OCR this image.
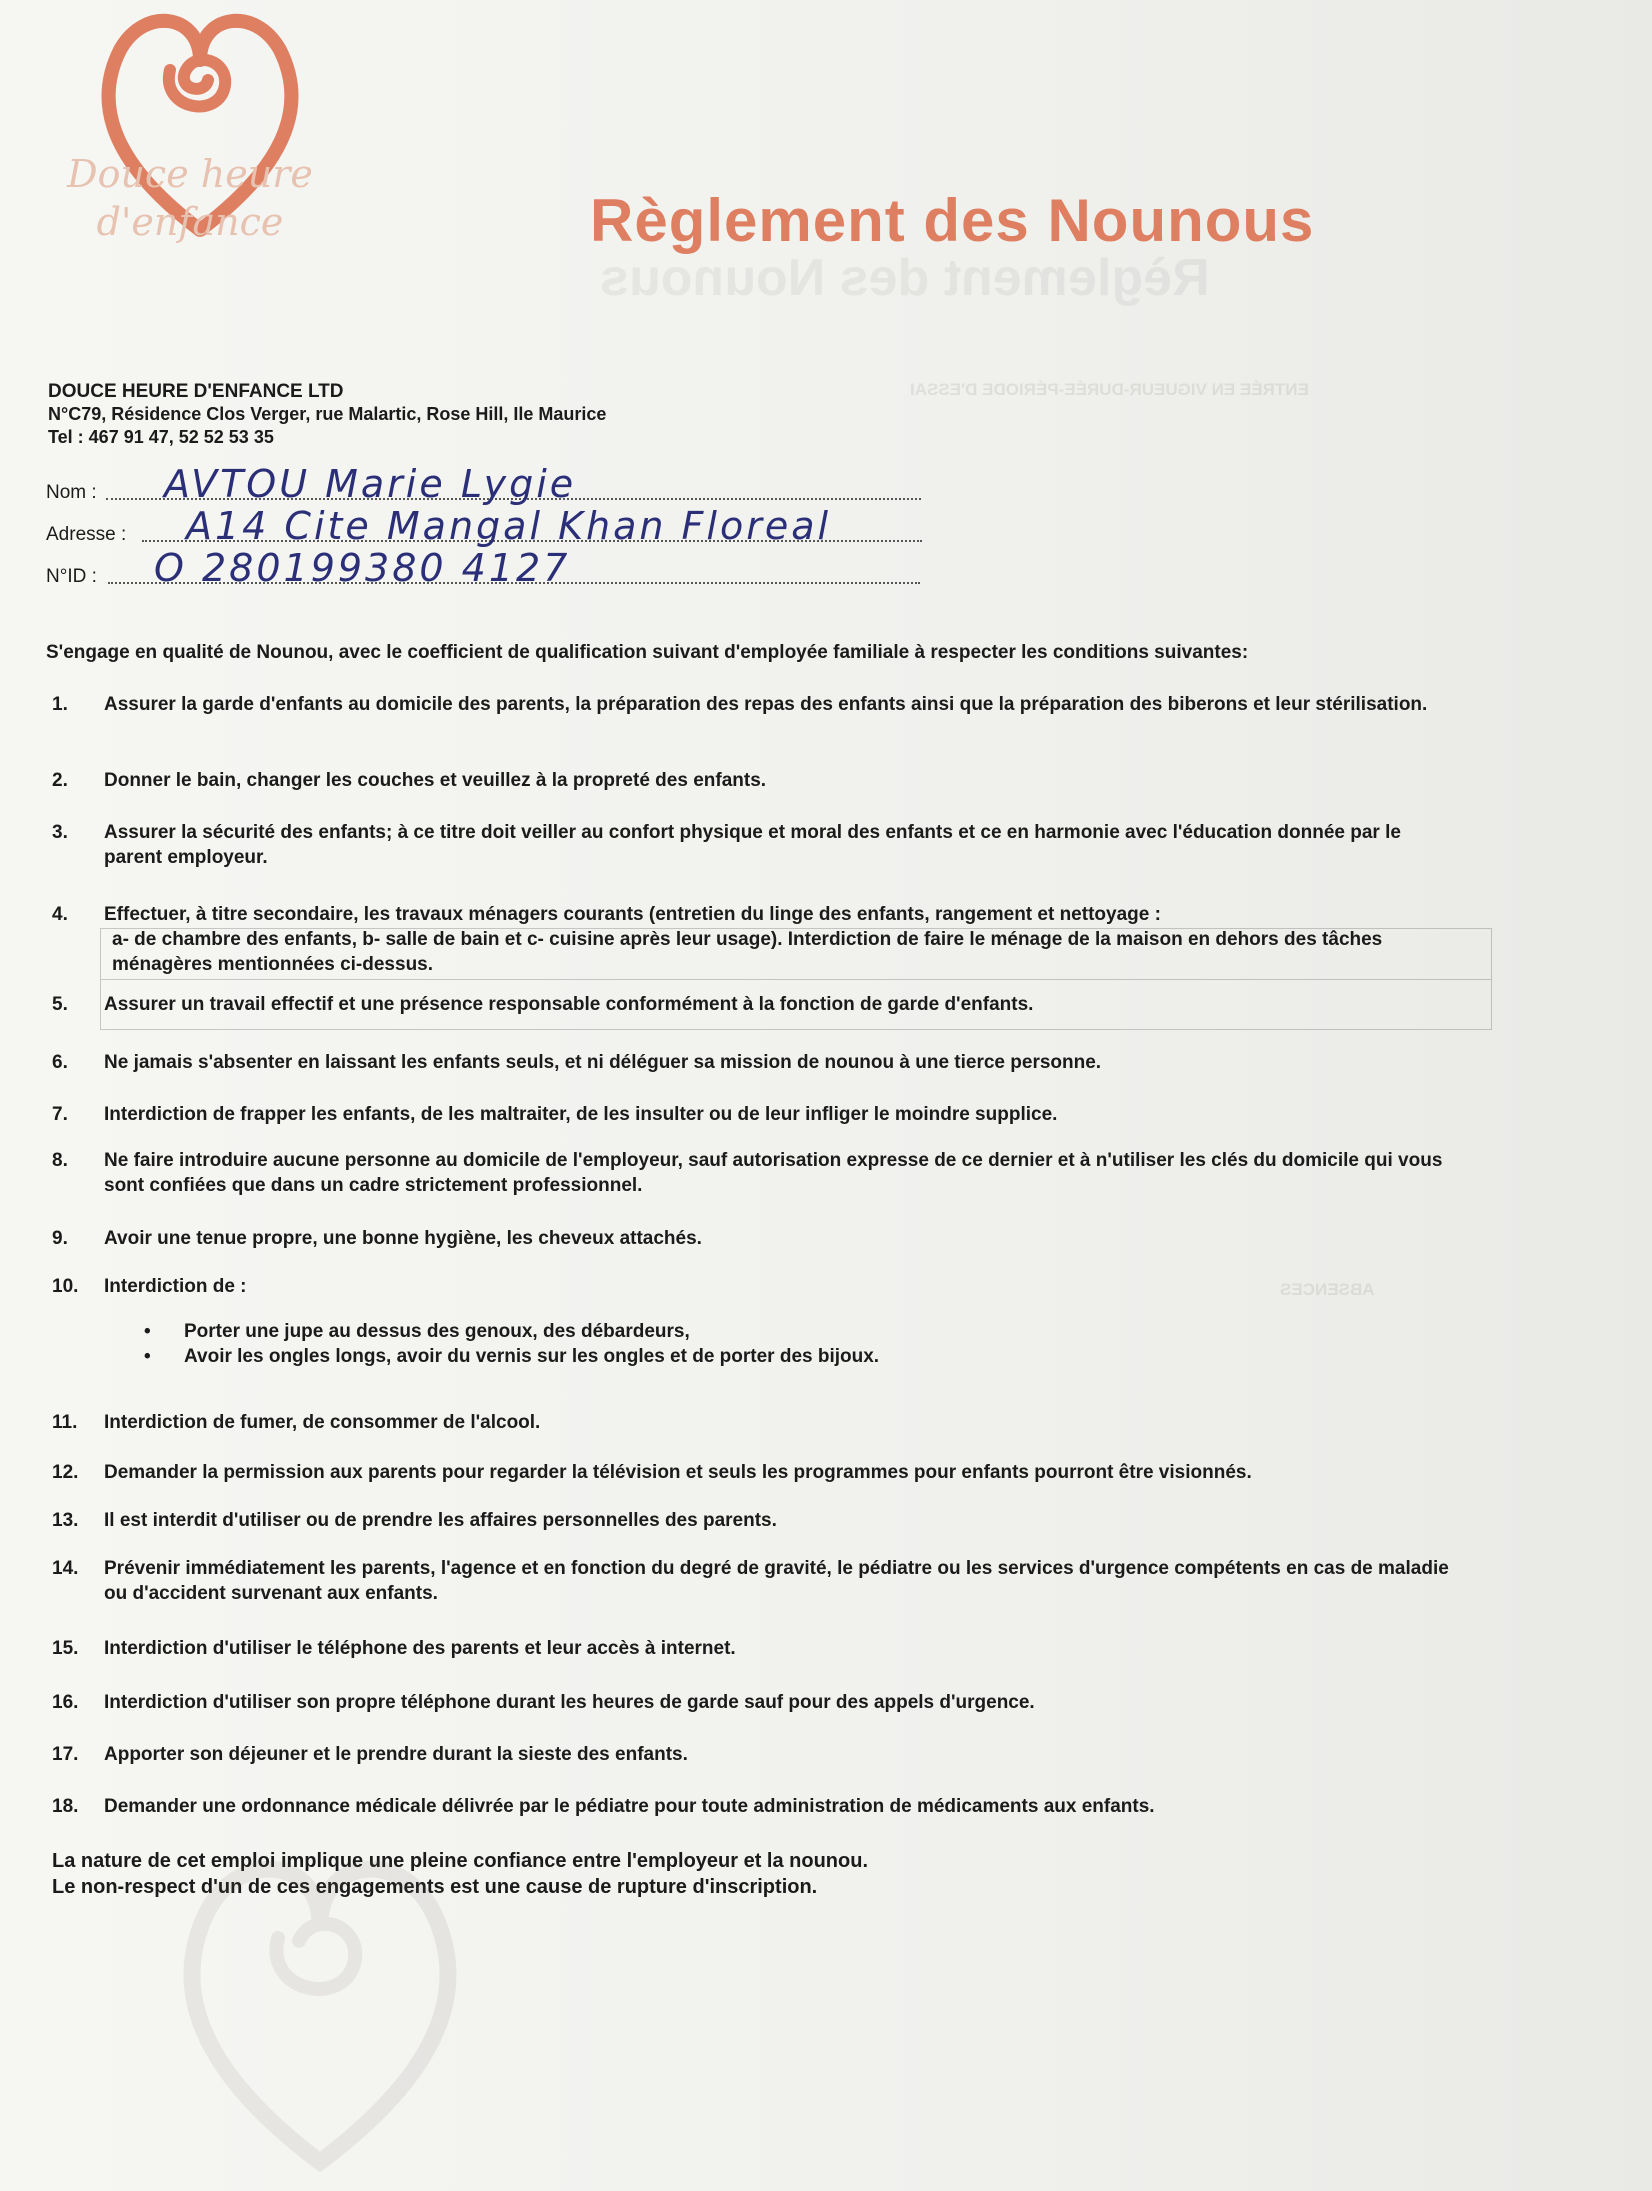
Douce heure
d'enfance	Règlement des Nounous
Règlement des Nounous
ENTRÉE EN VIGUEUR-DURÉE-PÉRIODE D'ESSAI
ABSENCES
DOUCE HEURE D'ENFANCE LTD
N°C79, Résidence Clos Verger, rue Malartic, Rose Hill, Ile Maurice
Tel : 467 91 47, 52 52 53 35
Nom : AVTOU Marie Lygie
Adresse : A14 Cite Mangal Khan Floreal
N°ID : O 280199380 4127
S'engage en qualité de Nounou, avec le coefficient de qualification suivant d'employée familiale à respecter les conditions suivantes:
1.	Assurer la garde d'enfants au domicile des parents, la préparation des repas des enfants ainsi que la préparation des biberons et leur stérilisation.
2.	Donner le bain, changer les couches et veuillez à la propreté des enfants.
3.	Assurer la sécurité des enfants; à ce titre doit veiller au confort physique et moral des enfants et ce en harmonie avec l'éducation donnée par le parent employeur.
4.	Effectuer, à titre secondaire, les travaux ménagers courants (entretien du linge des enfants, rangement et nettoyage :

a- de chambre des enfants, b- salle de bain et c- cuisine après leur usage). Interdiction de faire le ménage de la maison en dehors des tâches ménagères mentionnées ci-dessus.
5.	Assurer un travail effectif et une présence responsable conformément à la fonction de garde d'enfants.
6.	Ne jamais s'absenter en laissant les enfants seuls, et ni déléguer sa mission de nounou à une tierce personne.
7.	Interdiction de frapper les enfants, de les maltraiter, de les insulter ou de leur infliger le moindre supplice.
8.	Ne faire introduire aucune personne au domicile de l'employeur, sauf autorisation expresse de ce dernier et à n'utiliser les clés du domicile qui vous sont confiées que dans un cadre strictement professionnel.
9.	Avoir une tenue propre, une bonne hygiène, les cheveux attachés.
10.	Interdiction de :
• Porter une jupe au dessus des genoux, des débardeurs,
• Avoir les ongles longs, avoir du vernis sur les ongles et de porter des bijoux.
11.	Interdiction de fumer, de consommer de l'alcool.
12.	Demander la permission aux parents pour regarder la télévision et seuls les programmes pour enfants pourront être visionnés.
13.	Il est interdit d'utiliser ou de prendre les affaires personnelles des parents.
14.	Prévenir immédiatement les parents, l'agence et en fonction du degré de gravité, le pédiatre ou les services d'urgence compétents en cas de maladie ou d'accident survenant aux enfants.
15.	Interdiction d'utiliser le téléphone des parents et leur accès à internet.
16.	Interdiction d'utiliser son propre téléphone durant les heures de garde sauf pour des appels d'urgence.
17.	Apporter son déjeuner et le prendre durant la sieste des enfants.
18.	Demander une ordonnance médicale délivrée par le pédiatre pour toute administration de médicaments aux enfants.
La nature de cet emploi implique une pleine confiance entre l'employeur et la nounou.
Le non-respect d'un de ces engagements est une cause de rupture d'inscription.
